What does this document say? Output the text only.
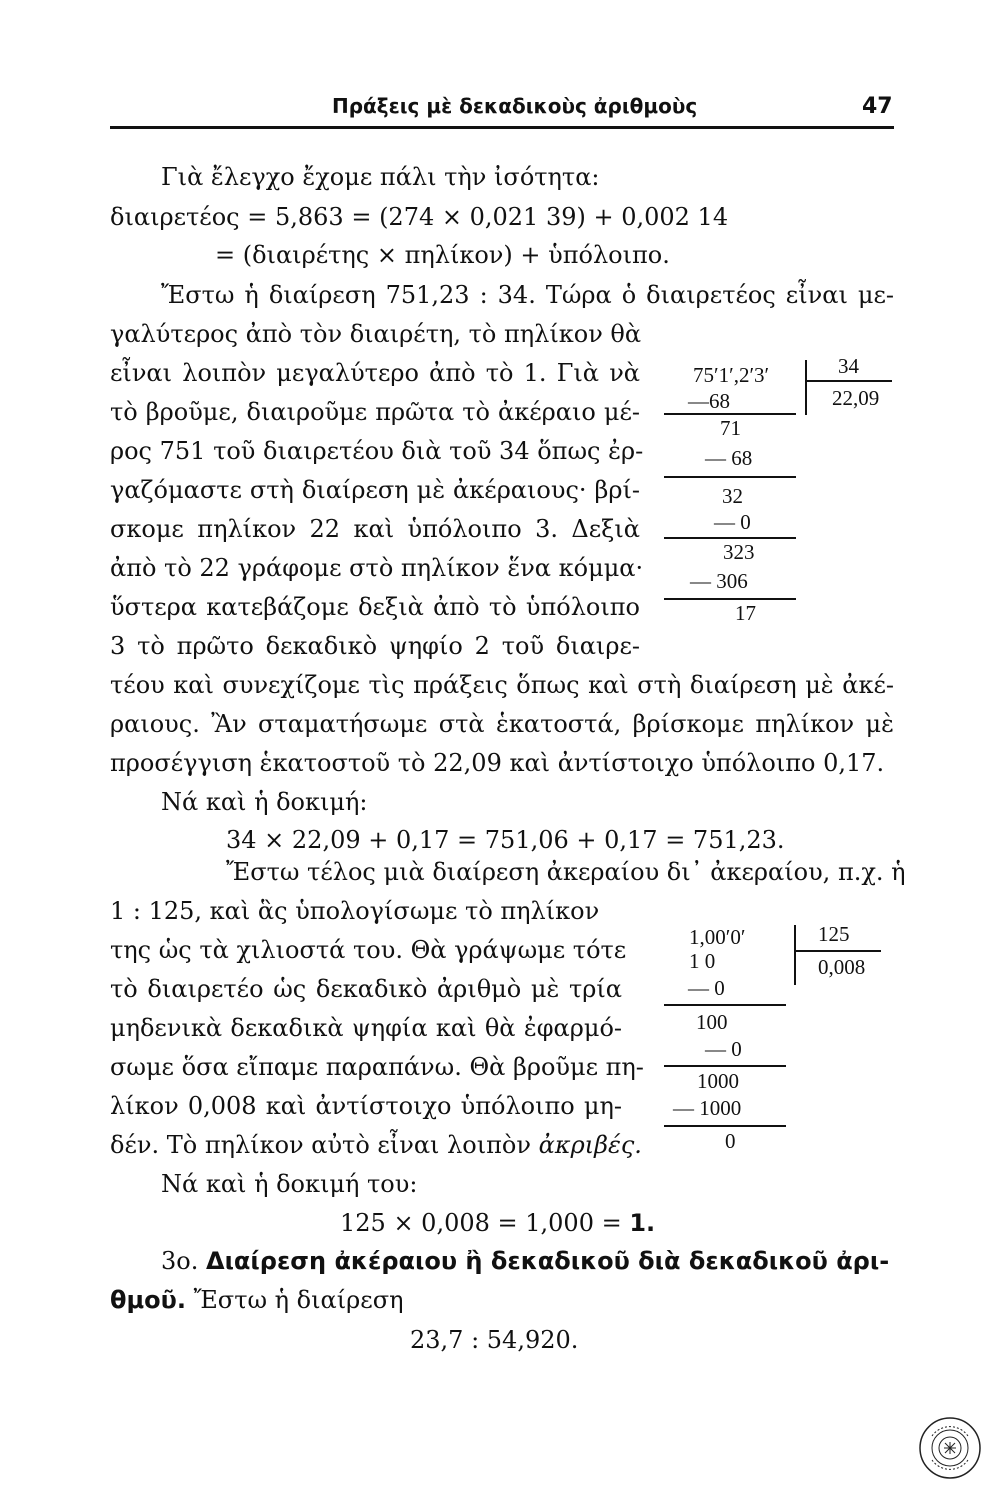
Πράξεις μὲ δεκαδικοὺς ἀριθμοὺς	47
Γιὰ ἔλεγχο ἔχομε πάλι τὴν ἰσότητα:
διαιρετέος = 5,863 = (274 × 0,021 39) + 0,002 14
= (διαιρέτης × πηλίκον) + ὑπόλοιπο.
Ἔστω ἡ διαίρεση 751,23 : 34. Τώρα ὁ διαιρετέος εἶναι με-
γαλύτερος ἀπὸ τὸν διαιρέτη, τὸ πηλίκον θὰ
εἶναι λοιπὸν μεγαλύτερο ἀπὸ τὸ 1. Γιὰ νὰ
τὸ βροῦμε, διαιροῦμε πρῶτα τὸ ἀκέραιο μέ-
ρος 751 τοῦ διαιρετέου διὰ τοῦ 34 ὅπως ἐρ-
γαζόμαστε στὴ διαίρεση μὲ ἀκέραιους· βρί-
σκομε πηλίκον 22 καὶ ὑπόλοιπο 3. Δεξιὰ
ἀπὸ τὸ 22 γράφομε στὸ πηλίκον ἕνα κόμμα·
ὕστερα κατεβάζομε δεξιὰ ἀπὸ τὸ ὑπόλοιπο
3 τὸ πρῶτο δεκαδικὸ ψηφίο 2 τοῦ διαιρε-
τέου καὶ συνεχίζομε τὶς πράξεις ὅπως καὶ στὴ διαίρεση μὲ ἀκέ-
ραιους. Ἂν σταματήσωμε στὰ ἑκατοστά, βρίσκομε πηλίκον μὲ
προσέγγιση ἑκατοστοῦ τὸ 22,09 καὶ ἀντίστοιχο ὑπόλοιπο 0,17.
Νά καὶ ἡ δοκιμή:
34 × 22,09 + 0,17 = 751,06 + 0,17 = 751,23.
75′1′,2′3′	34
22,09
—68
71
— 68
32
— 0
323
— 306
17
Ἔστω τέλος μιὰ διαίρεση ἀκεραίου δι᾽ ἀκεραίου, π.χ. ἡ
1 : 125, καὶ ἃς ὑπολογίσωμε τὸ πηλίκον
της ὡς τὰ χιλιοστά του. Θὰ γράψωμε τότε
τὸ διαιρετέο ὡς δεκαδικὸ ἀριθμὸ μὲ τρία
μηδενικὰ δεκαδικὰ ψηφία καὶ θὰ ἐφαρμό-
σωμε ὅσα εἴπαμε παραπάνω. Θὰ βροῦμε πη-
λίκον 0,008 καὶ ἀντίστοιχο ὑπόλοιπο μη-
δέν. Τὸ πηλίκον αὐτὸ εἶναι λοιπὸν ἀκριβές.
Νά καὶ ἡ δοκιμή του:
125 × 0,008 = 1,000 = 1.
1,00′0′	125
0,008
1 0
— 0
100
— 0
1000
— 1000
0
3ο. Διαίρεση ἀκέραιου ἢ δεκαδικοῦ διὰ δεκαδικοῦ ἀρι-
θμοῦ. Ἔστω ἡ διαίρεση
23,7 : 54,920.
